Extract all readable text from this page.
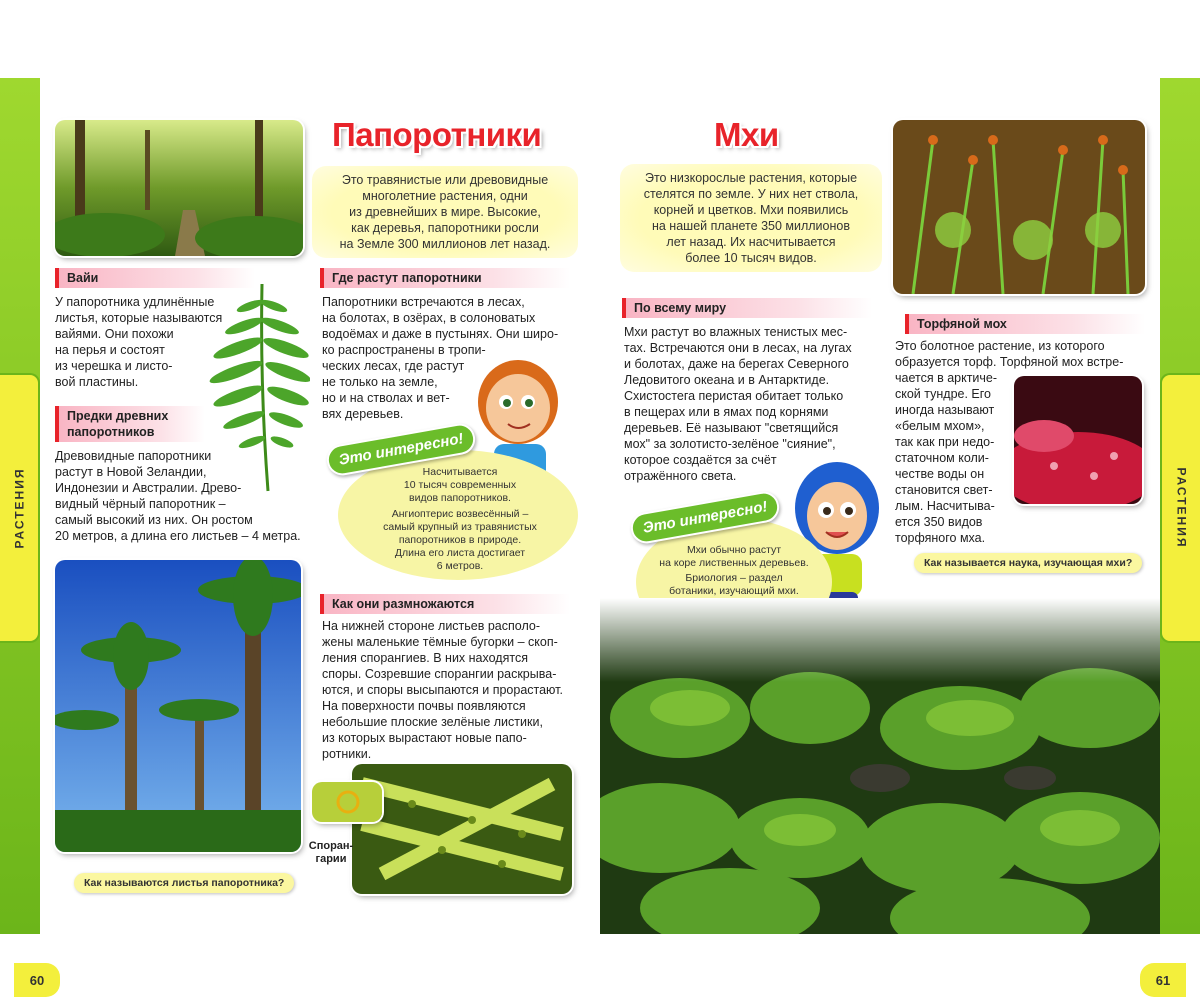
РАСТЕНИЯ	РАСТЕНИЯ
60	61
Папоротники
Это травянистые или древовидные
многолетние растения, одни
из древнейших в мире. Высокие,
как деревья, папоротники росли
на Земле 300 миллионов лет назад.
Вайи
У папоротника удлинённые
листья, которые называются
вайями. Они похожи
на перья и состоят
из черешка и листо-
вой пластины.
Предки древних
папоротников
Древовидные папоротники
растут в Новой Зеландии,
Индонезии и Австралии. Древо-
видный чёрный папоротник –
самый высокий из них. Он ростом
20 метров, а длина его листьев – 4 метра.
Где растут папоротники
Папоротники встречаются в лесах,
на болотах, в озёрах, в солоноватых
водоёмах и даже в пустынях. Они широ-
ко распространены в тропи-
ческих лесах, где растут
не только на земле,
но и на стволах и вет-
вях деревьев.
Это интересно!
Насчитывается
10 тысяч современных
видов папоротников.
Ангиоптерис возвесённый –
самый крупный из травянистых
папоротников в природе.
Длина его листа достигает
6 метров.
Как они размножаются
На нижней стороне листьев располо-
жены маленькие тёмные бугорки – скоп-
ления спорангиев. В них находятся
споры. Созревшие спорангии раскрыва-
ются, и споры высыпаются и прорастают.
На поверхности почвы появляются
небольшие плоские зелёные листики,
из которых вырастают новые папо-
ротники.
Споран-
гарии
Как называются листья папоротника?
Мхи
Это низкорослые растения, которые
стелятся по земле. У них нет ствола,
корней и цветков. Мхи появились
на нашей планете 350 миллионов
лет назад. Их насчитывается
более 10 тысяч видов.
По всему миру
Мхи растут во влажных тенистых мес-
тах. Встречаются они в лесах, на лугах
и болотах, даже на берегах Северного
Ледовитого океана и в Антарктиде.
Схистостега перистая обитает только
в пещерах или в ямах под корнями
деревьев. Её называют "светящийся
мох" за золотисто-зелёное "сияние",
которое создаётся за счёт
отражённого света.
Торфяной мох
Это болотное растение, из которого
образуется торф. Торфяной мох встре-
чается в арктиче-
ской тундре. Его
иногда называют
«белым мхом»,
так как при недо-
статочном коли-
честве воды он
становится свет-
лым. Насчитыва-
ется 350 видов
торфяного мха.
Это интересно!
Мхи обычно растут
на коре лиственных деревьев.
Бриология – раздел
ботаники, изучающий мхи.
Как называется наука, изучающая мхи?
